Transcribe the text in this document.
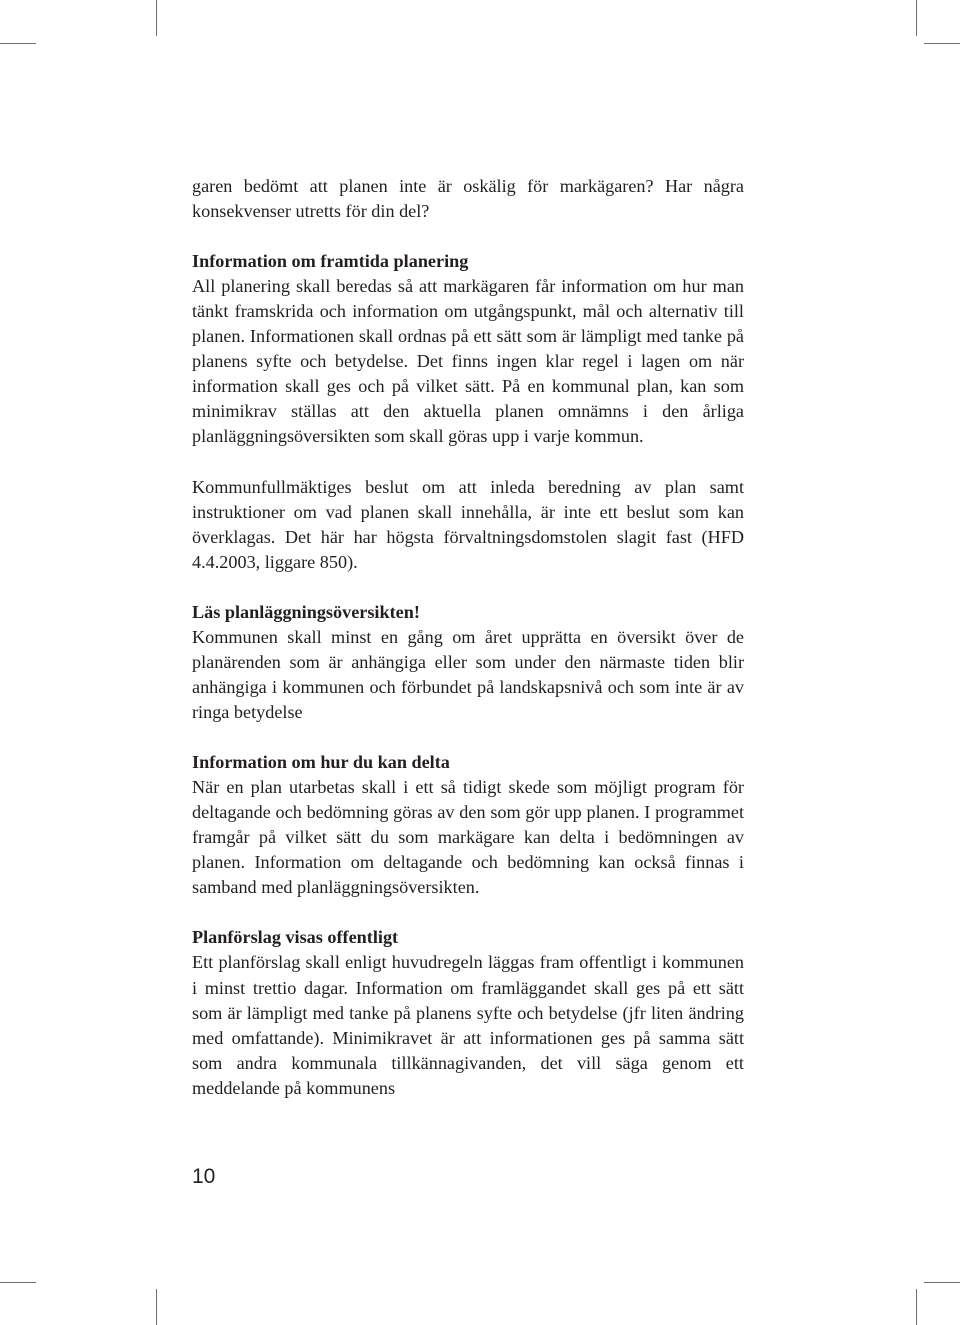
garen bedömt att planen inte är oskälig för markägaren? Har några konsekvenser utretts för din del?

Information om framtida planering

All planering skall beredas så att markägaren får information om hur man tänkt framskrida och information om utgångspunkt, mål och alternativ till planen. Informationen skall ordnas på ett sätt som är lämpligt med tanke på planens syfte och betydelse. Det finns ingen klar regel i lagen om när information skall ges och på vilket sätt. På en kommunal plan, kan som minimikrav ställas att den aktuella planen omnämns i den årliga planläggningsöversikten som skall göras upp i varje kommun.

Kommunfullmäktiges beslut om att inleda beredning av plan samt instruktioner om vad planen skall innehålla, är inte ett beslut som kan överklagas. Det här har högsta förvaltningsdomstolen slagit fast (HFD 4.4.2003, liggare 850).

Läs planläggningsöversikten!

Kommunen skall minst en gång om året upprätta en översikt över de planärenden som är anhängiga eller som under den närmaste tiden blir anhängiga i kommunen och förbundet på landskapsnivå och som inte är av ringa betydelse

Information om hur du kan delta

När en plan utarbetas skall i ett så tidigt skede som möjligt program för deltagande och bedömning göras av den som gör upp planen. I programmet framgår på vilket sätt du som markägare kan delta i bedömningen av planen. Information om deltagande och bedömning kan också finnas i samband med planläggningsöversikten.

Planförslag visas offentligt

Ett planförslag skall enligt huvudregeln läggas fram offentligt i kommunen i minst trettio dagar. Information om framläggandet skall ges på ett sätt som är lämpligt med tanke på planens syfte och betydelse (jfr liten ändring med omfattande). Minimikravet är att informationen ges på samma sätt som andra kommunala tillkännagivanden, det vill säga genom ett meddelande på kommunens

10
